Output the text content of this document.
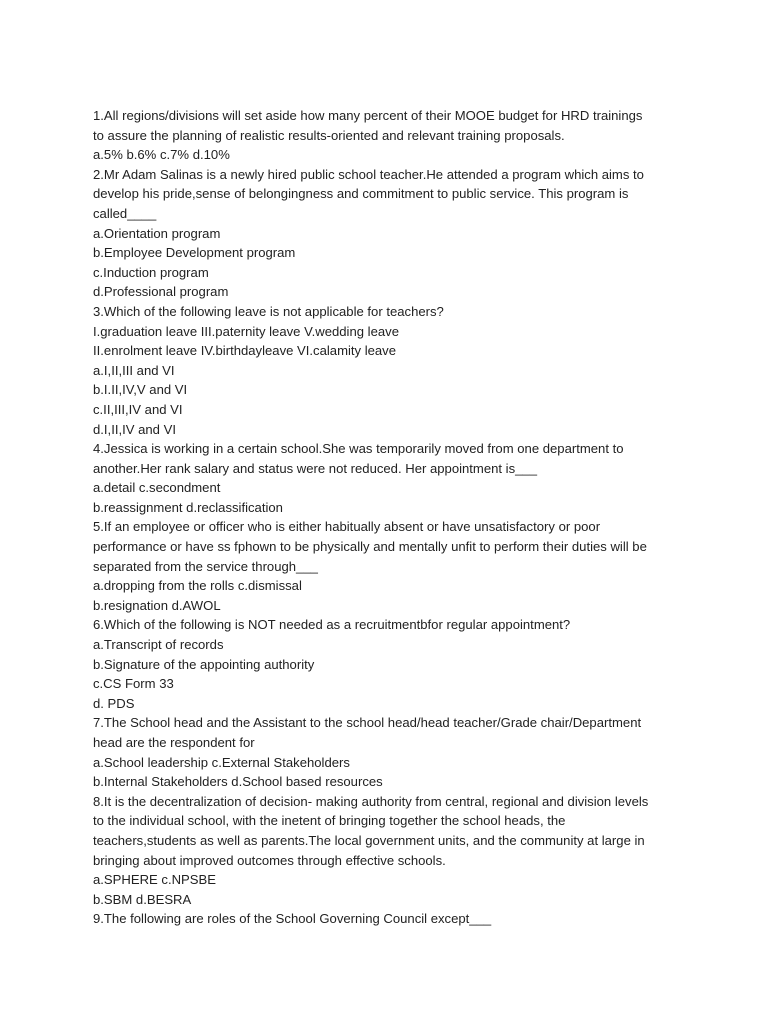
1.All regions/divisions will set aside how many percent of their MOOE budget for HRD trainings
to assure the planning of realistic results-oriented and relevant training proposals.
a.5% b.6% c.7% d.10%
2.Mr Adam Salinas is a newly hired public school teacher.He attended a program which aims to
develop his pride,sense of belongingness and commitment to public service. This program is
called____
a.Orientation program
b.Employee Development program
c.Induction program
d.Professional program
3.Which of the following leave is not applicable for teachers?
I.graduation leave III.paternity leave V.wedding leave
II.enrolment leave IV.birthdayleave VI.calamity leave
a.I,II,III and VI
b.I.II,IV,V and VI
c.II,III,IV and VI
d.I,II,IV and VI
4.Jessica is working in a certain school.She was temporarily moved from one department to
another.Her rank salary and status were not reduced. Her appointment is___
a.detail c.secondment
b.reassignment d.reclassification
5.If an employee or officer who is either habitually absent or have unsatisfactory or poor
performance or have ss fphown to be physically and mentally unfit to perform their duties will be
separated from the service through___
a.dropping from the rolls c.dismissal
b.resignation d.AWOL
6.Which of the following is NOT needed as a recruitmentbfor regular appointment?
a.Transcript of records
b.Signature of the appointing authority
c.CS Form 33
d. PDS
7.The School head and the Assistant to the school head/head teacher/Grade chair/Department
head are the respondent for
a.School leadership c.External Stakeholders
b.Internal Stakeholders d.School based resources
8.It is the decentralization of decision- making authority from central, regional and division levels
to the individual school, with the inetent of bringing together the school heads, the
teachers,students as well as parents.The local government units, and the community at large in
bringing about improved outcomes through effective schools.
a.SPHERE c.NPSBE
b.SBM d.BESRA
9.The following are roles of the School Governing Council except___
